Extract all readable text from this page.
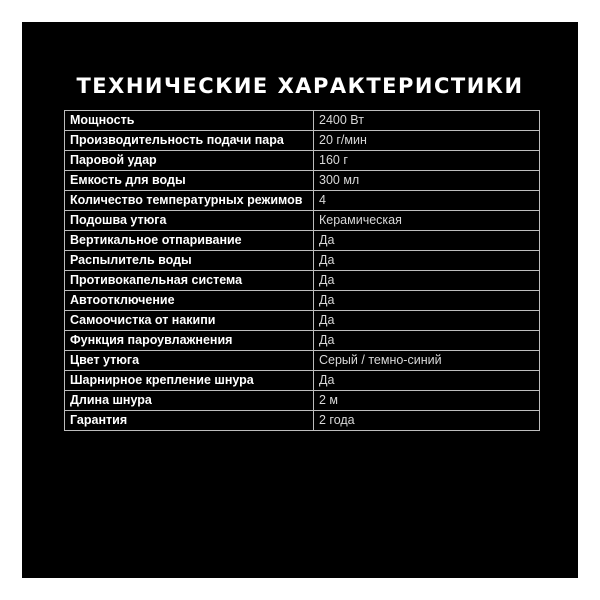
ТЕХНИЧЕСКИЕ ХАРАКТЕРИСТИКИ
Мощность	2400 Вт
Производительность подачи пара	20 г/мин
Паровой удар	160 г
Емкость для воды	300 мл
Количество температурных режимов	4
Подошва утюга	Керамическая
Вертикальное отпаривание	Да
Распылитель воды	Да
Противокапельная система	Да
Автоотключение	Да
Самоочистка от накипи	Да
Функция пароувлажнения	Да
Цвет утюга	Серый / темно-синий
Шарнирное крепление шнура	Да
Длина шнура	2 м
Гарантия	2 года
